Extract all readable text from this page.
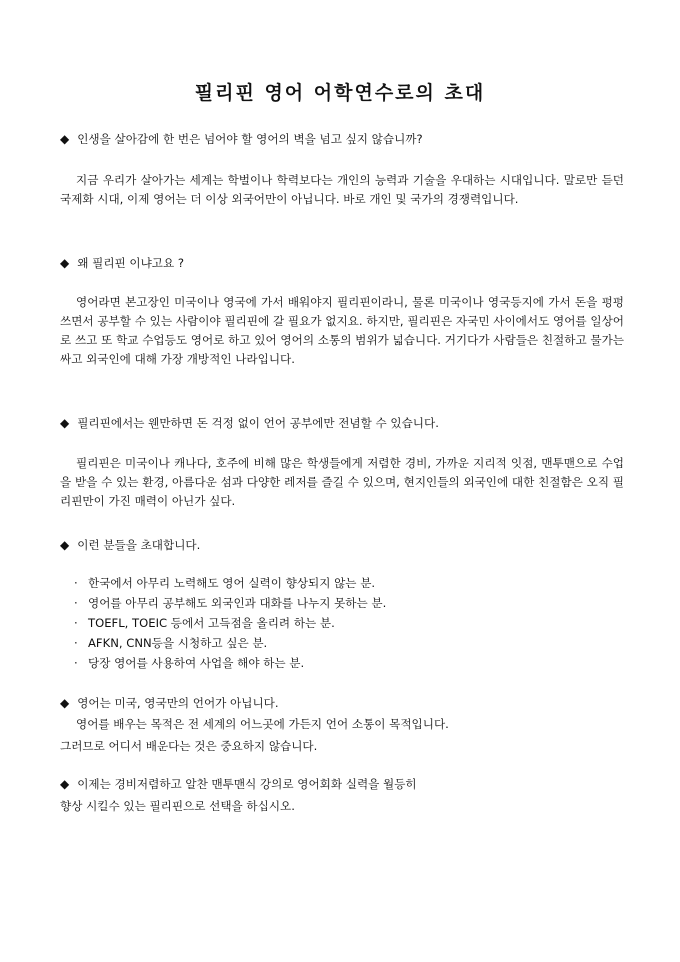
필리핀 영어 어학연수로의 초대
◆ 인생을 살아감에 한 번은 넘어야 할 영어의 벽을 넘고 싶지 않습니까?

지금 우리가 살아가는 세계는 학벌이나 학력보다는 개인의 능력과 기술을 우대하는 시대입니다. 말로만 듣던 국제화 시대, 이제 영어는 더 이상 외국어만이 아닙니다. 바로 개인 및 국가의 경쟁력입니다.

◆ 왜 필리핀 이냐고요 ?

영어라면 본고장인 미국이나 영국에 가서 배워야지 필리핀이라니, 물론 미국이나 영국등지에 가서 돈을 펑펑 쓰면서 공부할 수 있는 사람이야 필리핀에 갈 필요가 없지요. 하지만, 필리핀은 자국민 사이에서도 영어를 일상어로 쓰고 또 학교 수업등도 영어로 하고 있어 영어의 소통의 범위가 넓습니다. 거기다가 사람들은 친절하고 물가는 싸고 외국인에 대해 가장 개방적인 나라입니다.

◆ 필리핀에서는 웬만하면 돈 걱정 없이 언어 공부에만 전념할 수 있습니다.

필리핀은 미국이나 캐나다, 호주에 비해 많은 학생들에게 저렴한 경비, 가까운 지리적 잇점, 맨투맨으로 수업을 받을 수 있는 환경, 아름다운 섬과 다양한 레저를 즐길 수 있으며, 현지인들의 외국인에 대한 친절함은 오직 필리핀만이 가진 매력이 아닌가 싶다.

◆ 이런 분들을 초대합니다.
· 한국에서 아무리 노력해도 영어 실력이 향상되지 않는 분.
· 영어를 아무리 공부해도 외국인과 대화를 나누지 못하는 분.
· TOEFL, TOEIC 등에서 고득점을 올리려 하는 분.
· AFKN, CNN등을 시청하고 싶은 분.
· 당장 영어를 사용하여 사업을 해야 하는 분.
◆ 영어는 미국, 영국만의 언어가 아닙니다.
영어를 배우는 목적은 전 세계의 어느곳에 가든지 언어 소통이 목적입니다.
그러므로 어디서 배운다는 것은 중요하지 않습니다.
◆ 이제는 경비저렴하고 알찬 맨투맨식 강의로 영어회화 실력을 월등히
향상 시킬수 있는 필리핀으로 선택을 하십시오.
